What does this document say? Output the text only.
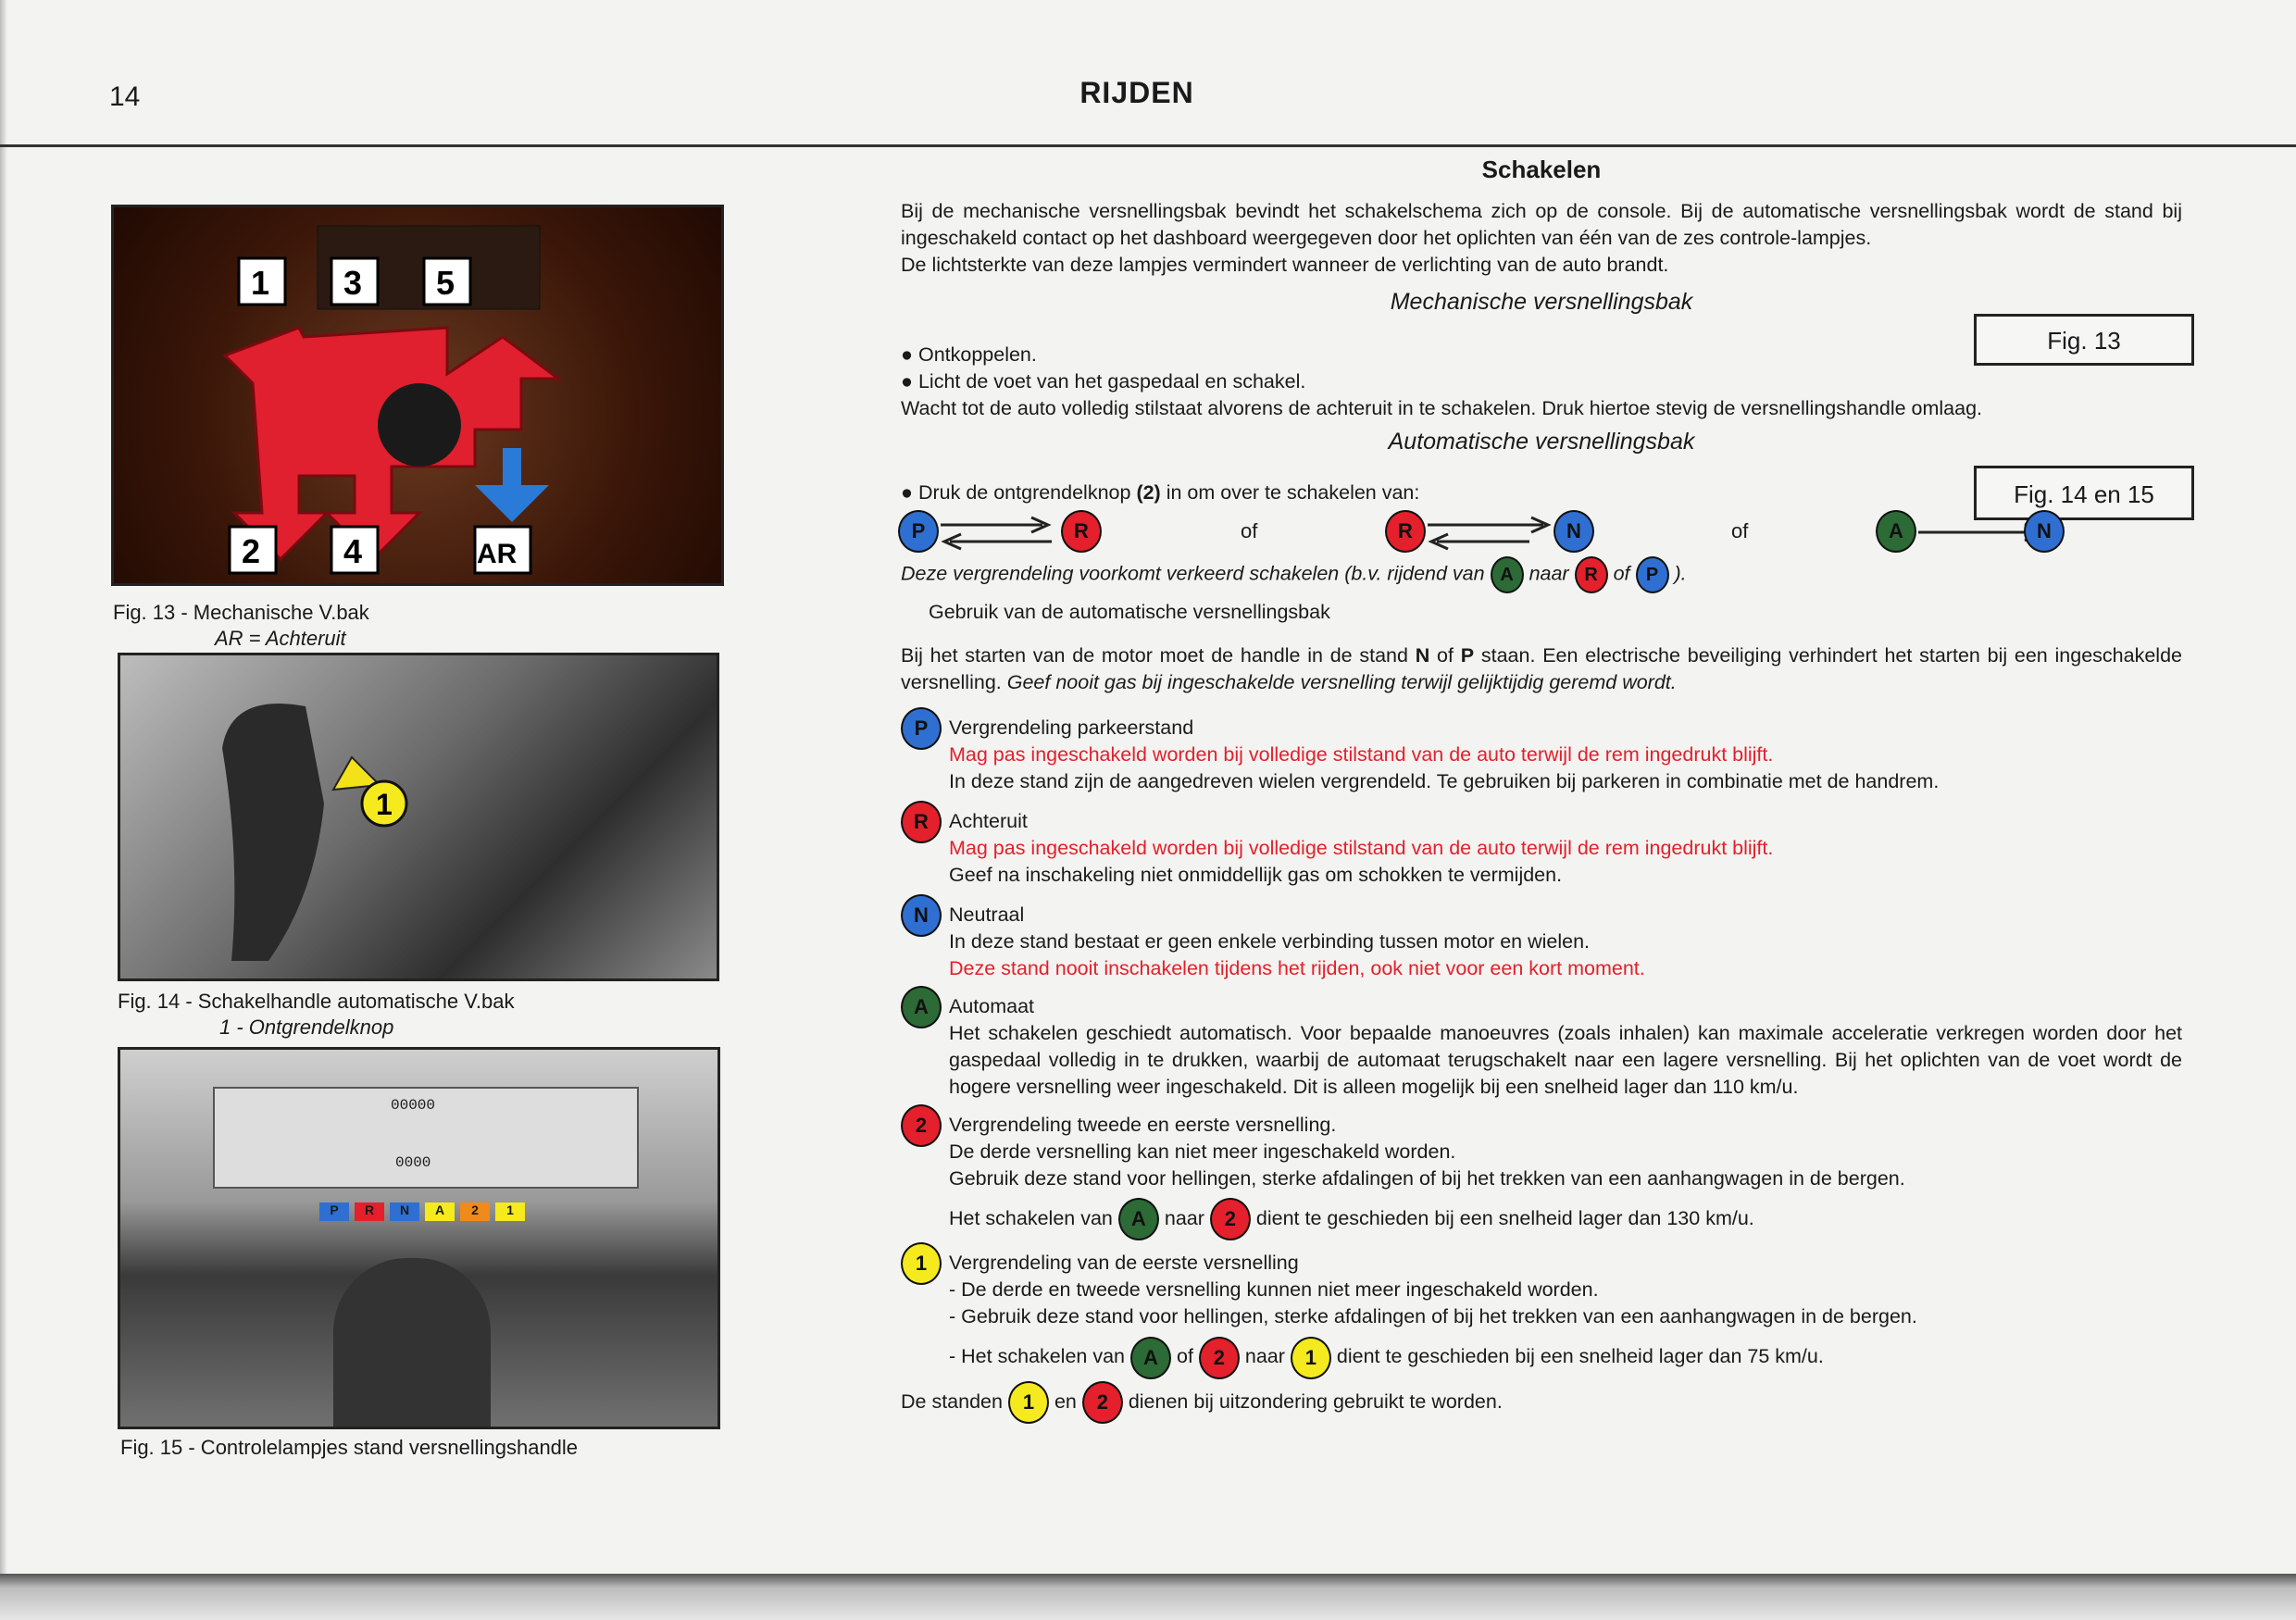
14	RIJDEN
1 3 5
2 4	AR
Fig. 13 - Mechanische V.bak
AR = Achteruit
1
Fig. 14 - Schakelhandle automatische V.bak
1 - Ontgrendelknop
00000
0000
P	R	N	A	2	1
Fig. 15 - Controlelampjes stand versnellingshandle
Fig. 13
Fig. 14 en 15
Schakelen
Bij de mechanische versnellingsbak bevindt het schakelschema zich op de console. Bij de automatische versnellingsbak wordt de stand bij ingeschakeld contact op het dashboard weergegeven door het oplichten van één van de zes controle-lampjes.
De lichtsterkte van deze lampjes vermindert wanneer de verlichting van de auto brandt.
Mechanische versnellingsbak
● Ontkoppelen.
● Licht de voet van het gaspedaal en schakel.
Wacht tot de auto volledig stilstaat alvorens de achteruit in te schakelen. Druk hiertoe stevig de versnellingshandle omlaag.
Automatische versnellingsbak
● Druk de ontgrendelknop (2) in om over te schakelen van:
P	R	of	R	N	of	A	N
Deze vergrendeling voorkomt verkeerd schakelen (b.v. rijdend van A naar R of P ).
Gebruik van de automatische versnellingsbak
Bij het starten van de motor moet de handle in de stand N of P staan. Een electrische beveiliging verhindert het starten bij een ingeschakelde versnelling. Geef nooit gas bij ingeschakelde versnelling terwijl gelijktijdig geremd wordt.
P	Vergrendeling parkeerstand
Mag pas ingeschakeld worden bij volledige stilstand van de auto terwijl de rem ingedrukt blijft.
In deze stand zijn de aangedreven wielen vergrendeld. Te gebruiken bij parkeren in combinatie met de handrem.
R	Achteruit
Mag pas ingeschakeld worden bij volledige stilstand van de auto terwijl de rem ingedrukt blijft.
Geef na inschakeling niet onmiddellijk gas om schokken te vermijden.
N	Neutraal
In deze stand bestaat er geen enkele verbinding tussen motor en wielen.
Deze stand nooit inschakelen tijdens het rijden, ook niet voor een kort moment.
A	Automaat
Het schakelen geschiedt automatisch. Voor bepaalde manoeuvres (zoals inhalen) kan maximale acceleratie verkregen worden door het gaspedaal volledig in te drukken, waarbij de automaat terugschakelt naar een lagere versnelling. Bij het oplichten van de voet wordt de hogere versnelling weer ingeschakeld. Dit is alleen mogelijk bij een snelheid lager dan 110 km/u.
2	Vergrendeling tweede en eerste versnelling.
De derde versnelling kan niet meer ingeschakeld worden.
Gebruik deze stand voor hellingen, sterke afdalingen of bij het trekken van een aanhangwagen in de bergen.
Het schakelen van A naar 2 dient te geschieden bij een snelheid lager dan 130 km/u.
1	Vergrendeling van de eerste versnelling
- De derde en tweede versnelling kunnen niet meer ingeschakeld worden.
- Gebruik deze stand voor hellingen, sterke afdalingen of bij het trekken van een aanhangwagen in de bergen.
- Het schakelen van A of 2 naar 1 dient te geschieden bij een snelheid lager dan 75 km/u.
De standen 1 en 2 dienen bij uitzondering gebruikt te worden.
